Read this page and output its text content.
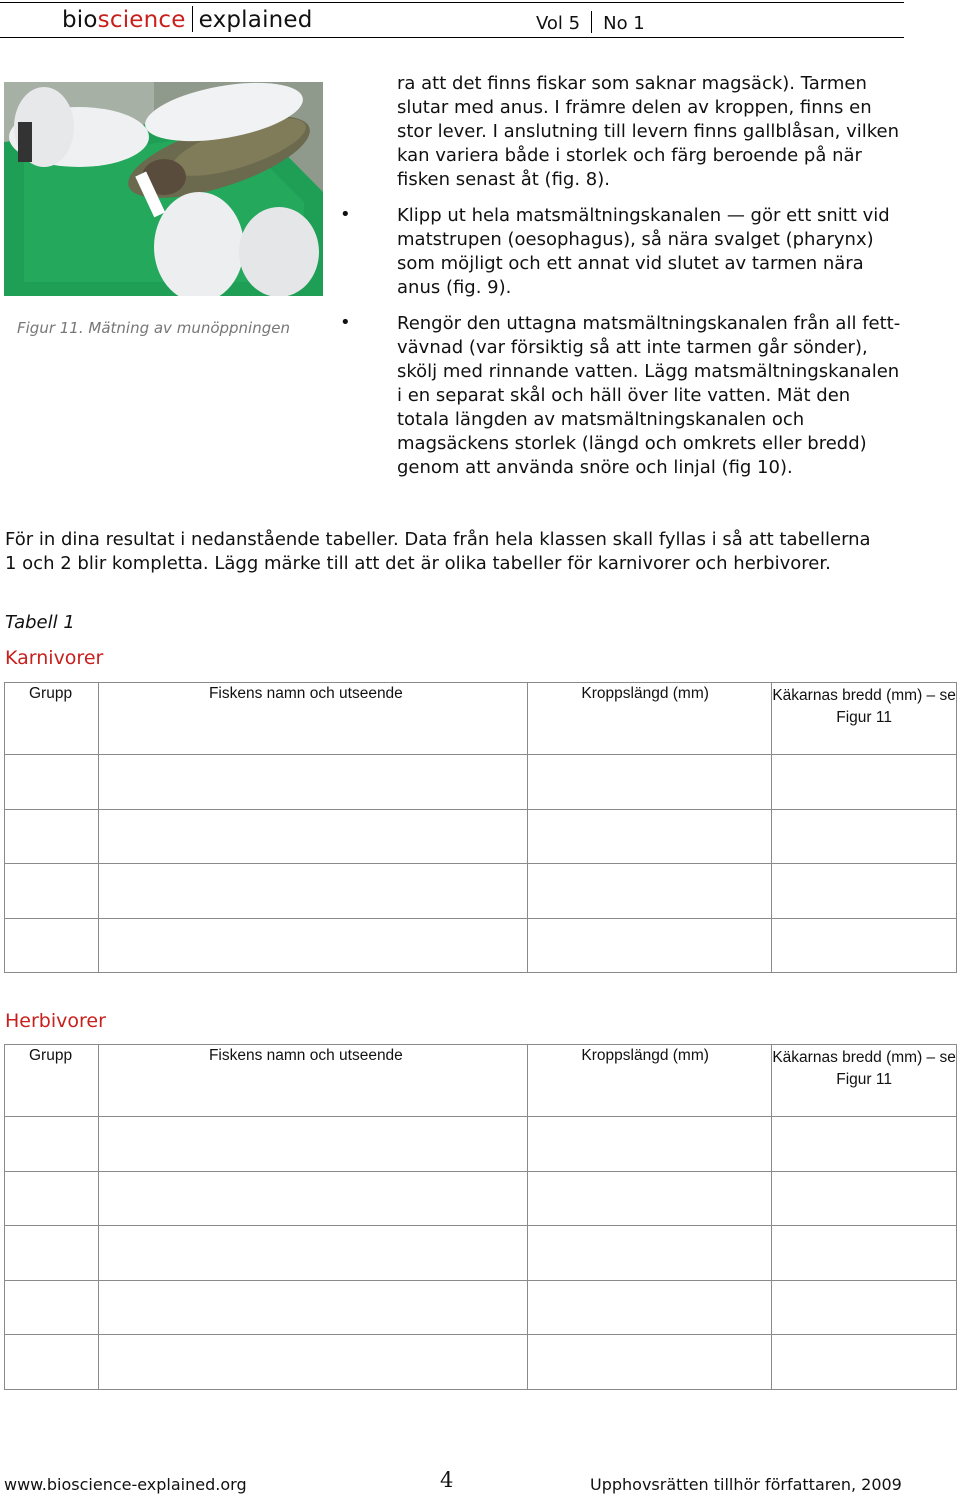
bioscience explained	Vol 5 No 1
Figur 11. Mätning av munöppningen
ra att det finns fiskar som saknar magsäck). Tarmen slutar med anus. I främre delen av kroppen, finns en stor lever. I anslutning till levern finns gallblåsan, vilken kan variera både i storlek och färg beroende på när fisken senast åt (fig. 8).
•	Klipp ut hela matsmältningskanalen — gör ett snitt vid matstrupen (oesophagus), så nära svalget (pharynx) som möjligt och ett annat vid slutet av tarmen nära anus (fig. 9).
•	Rengör den uttagna matsmältningskanalen från all fett-vävnad (var försiktig så att inte tarmen går sönder), skölj med rinnande vatten. Lägg matsmältningskanalen i en separat skål och häll över lite vatten. Mät den totala längden av matsmältningskanalen och magsäckens storlek (längd och omkrets eller bredd) genom att använda snöre och linjal (fig 10).
För in dina resultat i nedanstående tabeller. Data från hela klassen skall fyllas i så att tabellerna 1 och 2 blir kompletta. Lägg märke till att det är olika tabeller för karnivorer och herbivorer.
Tabell 1
Karnivorer
Grupp	Fiskens namn och utseende	Kroppslängd (mm)	Käkarnas bredd (mm) – se Figur 11

Herbivorer
Grupp	Fiskens namn och utseende	Kroppslängd (mm)	Käkarnas bredd (mm) – se Figur 11

www.bioscience-explained.org	4	Upphovsrätten tillhör författaren, 2009
